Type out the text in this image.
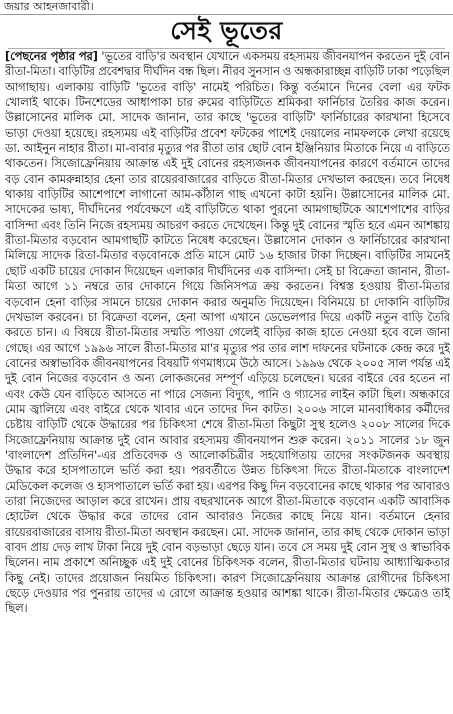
জয়ার আহনজাবারী।
সেই ভূতের

[পেছনের পৃষ্ঠার পর] 'ভূতের বাড়ি'র অবস্থান যেখানে একসময় রহস্যময় জীবনযাপন করতেন দুই বোন রীতা-মিতা। বাড়িটির প্রবেশদ্বার দীর্ঘদিন বন্ধ ছিল। নীরব সুনসান ও অন্ধকারাচ্ছন্ন বাড়িটি ঢাকা পড়েছিল আগাছায়। এলাকায় বাড়িটি 'ভূতের বাড়ি' নামেই পরিচিত। কিন্তু বর্তমানে দিনের বেলা এর ফটক খোলাই থাকে। টিনশেডের আধাপাকা চার রুমের বাড়িটিতে শ্রমিকরা ফার্নিচার তৈরির কাজ করেন। উল্লাসোনের মালিক মো. সাদেক জানান, তার কাছে 'ভূতের বাড়িটি' ফার্নিচারের কারখানা হিসেবে ভাড়া দেওয়া হয়েছে। রহস্যময় এই বাড়িটির প্রবেশ ফটকের পাশেই দেয়ালের নামফলকে লেখা রয়েছে ডা. আইনুন নাহার রীতা। মা-বাবার মৃত্যুর পর রীতা তার ছোট বোন ইঞ্জিনিয়ার মিতাকে নিয়ে এ বাড়িতে থাকতেন। সিজোফ্রেনিয়ায় আক্রান্ত এই দুই বোনের রহস্যজনক জীবনযাপনের কারণে বর্তমানে তাদের বড় বোন কামরুন্নাহার হেনা তার রায়েরবাজারের বাড়িতে রীতা-মিতার দেখভাল করছেন। তবে নিষেধ থাকায় বাড়িটির আশেপাশে লাগানো আম-কাঁঠাল গাছ এখনো কাটা হয়নি। উল্লাসোনের মালিক মো. সাদেকের ভাষ্য, দীর্ঘদিনের পর্যবেক্ষণে এই বাড়িটিতে থাকা পুরনো আমগাছটিকে আশেপাশের বাড়ির বাসিন্দা এবং তিনি নিজে রহস্যময় আচরণ করতে দেখেছেন। কিন্তু দুই বোনের স্মৃতি হবে এমন আশঙ্কায় রীতা-মিতার বড়বোন আমগাছটি কাটতে নিষেধ করেছেন। উল্লাসোন দোকান ও ফার্নিচারের কারখানা মিলিয়ে সাদেক রিতা-মিতার বড়বোনকে প্রতি মাসে মোট ১৬ হাজার টাকা দিচ্ছেন। বাড়িটির সামনেই ছোট একটি চায়ের দোকান দিয়েছেন এলাকার দীর্ঘদিনের এক বাসিন্দা। সেই চা বিক্রেতা জানান, রীতা-মিতা আগে ১১ নম্বরে তার দোকানে গিয়ে জিনিসপত্র ক্রয় করতেন। বিশ্বস্ত হওয়ায় রীতা-মিতার বড়বোন হেনা বাড়ির সামনে চায়ের দোকান করার অনুমতি দিয়েছেন। বিনিময়ে চা দোকানি বাড়িটির দেখভাল করবেন। চা বিক্রেতা বলেন, হেনা আপা এখানে ডেভেলপার দিয়ে একটি নতুন বাড়ি তৈরি করতে চান। এ বিষয়ে রীতা-মিতার সম্মতি পাওয়া গেলেই বাড়ির কাজ হাতে নেওয়া হবে বলে জানা গেছে। এর আগে ১৯৯৬ সালে রীতা-মিতার মা'র মৃত্যুর পর তার লাশ দাফনের ঘটনাকে কেন্দ্র করে দুই বোনের অস্বাভাবিক জীবনযাপনের বিষয়টি গণমাধ্যমে উঠে আসে। ১৯৯৬ থেকে ২০০৫ সাল পর্যন্ত এই দুই বোন নিজের বড়বোন ও অন্য লোকজনের সম্পূর্ণ এড়িয়ে চলেছেন। ঘরের বাইরে বের হতেন না এবং কেউ যেন বাড়িতে আসতে না পারে সেজন্য বিদ্যুৎ, পানি ও গ্যাসের লাইন কাটা ছিল। অন্ধকারে মোম জ্বালিয়ে এবং বাইরে থেকে খাবার এনে তাদের দিন কাটত। ২০০৬ সালে মানবাধিকার কর্মীদের চেষ্টায় বাড়িটি থেকে উদ্ধারের পর চিকিৎসা শেষে রীতা-মিতা কিছুটা সুস্থ হলেও ২০০৮ সালের দিকে সিজোফ্রেনিয়ায় আক্রান্ত দুই বোন আবার রহস্যময় জীবনযাপন শুরু করেন। ২০১১ সালের ১৮ জুন 'বাংলাদেশ প্রতিদিন'-এর প্রতিবেদক ও আলোকচিত্রীর সহযোগিতায় তাদের সংকটজনক অবস্থায় উদ্ধার করে হাসপাতালে ভর্তি করা হয়। পরবর্তীতে উন্নত চিকিৎসা দিতে রীতা-মিতাকে বাংলাদেশ মেডিকেল কলেজ ও হাসপাতালে ভর্তি করা হয়। এরপর কিছু দিন বড়বোনের কাছে থাকার পর আবারও তারা নিজেদের আড়াল করে রাখেন। প্রায় বছরখানেক আগে রীতা-মিতাকে বড়বোন একটি আবাসিক হোটেল থেকে উদ্ধার করে তাদের বোন আবারও নিজের কাছে নিয়ে যান। বর্তমানে হেনার রায়েরবাজারের বাসায় রীতা-মিতা অবস্থান করছেন। মো. সাদেক জানান, তার কাছ থেকে দোকান ভাড়া বাবদ প্রায় দেড় লাখ টাকা নিয়ে দুই বোন বড়ভাড়া ছেড়ে যান। তবে সে সময় দুই বোন সুস্থ ও স্বাভাবিক ছিলেন। নাম প্রকাশে অনিচ্ছুক এই দুই বোনের চিকিৎসক বলেন, রীতা-মিতার ঘটনায় আধ্যাত্মিকতার কিছু নেই। তাদের প্রয়োজন নিয়মিত চিকিৎসা। কারণ সিজোফ্রেনিয়ায় আক্রান্ত রোগীদের চিকিৎসা ছেড়ে দেওয়ার পর পুনরায় তাদের এ রোগে আক্রান্ত হওয়ার আশঙ্কা থাকে। রীতা-মিতার ক্ষেত্রেও তাই ছিল।
